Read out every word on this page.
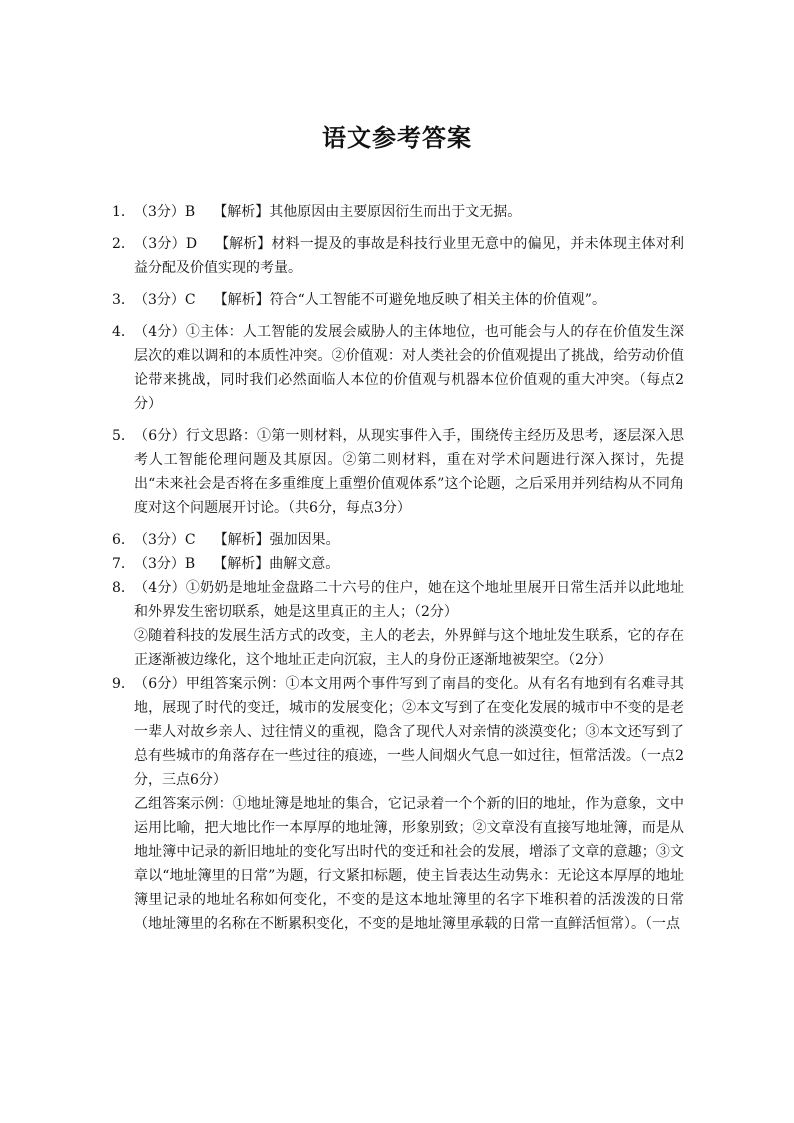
语文参考答案
1． （3分）B 【解析】其他原因由主要原因衍生而出于文无据。
2． （3分）D 【解析】材料一提及的事故是科技行业里无意中的偏见，并未体现主体对利益分配及价值实现的考量。
3． （3分）C 【解析】符合“人工智能不可避免地反映了相关主体的价值观”。
4． （4分）①主体：人工智能的发展会威胁人的主体地位，也可能会与人的存在价值发生深层次的难以调和的本质性冲突。②价值观：对人类社会的价值观提出了挑战，给劳动价值论带来挑战，同时我们必然面临人本位的价值观与机器本位价值观的重大冲突。（每点2分）
5． （6分）行文思路：①第一则材料，从现实事件入手，围绕传主经历及思考，逐层深入思考人工智能伦理问题及其原因。②第二则材料，重在对学术问题进行深入探讨，先提出“未来社会是否将在多重维度上重塑价值观体系”这个论题，之后采用并列结构从不同角度对这个问题展开讨论。（共6分，每点3分）
6． （3分）C 【解析】强加因果。
7． （3分）B 【解析】曲解文意。
8． （4分）①奶奶是地址金盘路二十六号的住户，她在这个地址里展开日常生活并以此地址和外界发生密切联系，她是这里真正的主人；（2分）

②随着科技的发展生活方式的改变，主人的老去，外界鲜与这个地址发生联系，它的存在正逐渐被边缘化，这个地址正走向沉寂，主人的身份正逐渐地被架空。（2分）

9． （6分）甲组答案示例：①本文用两个事件写到了南昌的变化。从有名有地到有名难寻其地，展现了时代的变迁，城市的发展变化；②本文写到了在变化发展的城市中不变的是老一辈人对故乡亲人、过往情义的重视，隐含了现代人对亲情的淡漠变化；③本文还写到了总有些城市的角落存在一些过往的痕迹，一些人间烟火气息一如过往，恒常活泼。（一点2分，三点6分）

乙组答案示例：①地址簿是地址的集合，它记录着一个个新的旧的地址，作为意象，文中运用比喻，把大地比作一本厚厚的地址簿，形象别致；②文章没有直接写地址簿，而是从地址簿中记录的新旧地址的变化写出时代的变迁和社会的发展，增添了文章的意趣；③文章以“地址簿里的日常”为题，行文紧扣标题，使主旨表达生动隽永：无论这本厚厚的地址簿里记录的地址名称如何变化，不变的是这本地址簿里的名字下堆积着的活泼泼的日常（地址簿里的名称在不断累积变化，不变的是地址簿里承载的日常一直鲜活恒常）。（一点
